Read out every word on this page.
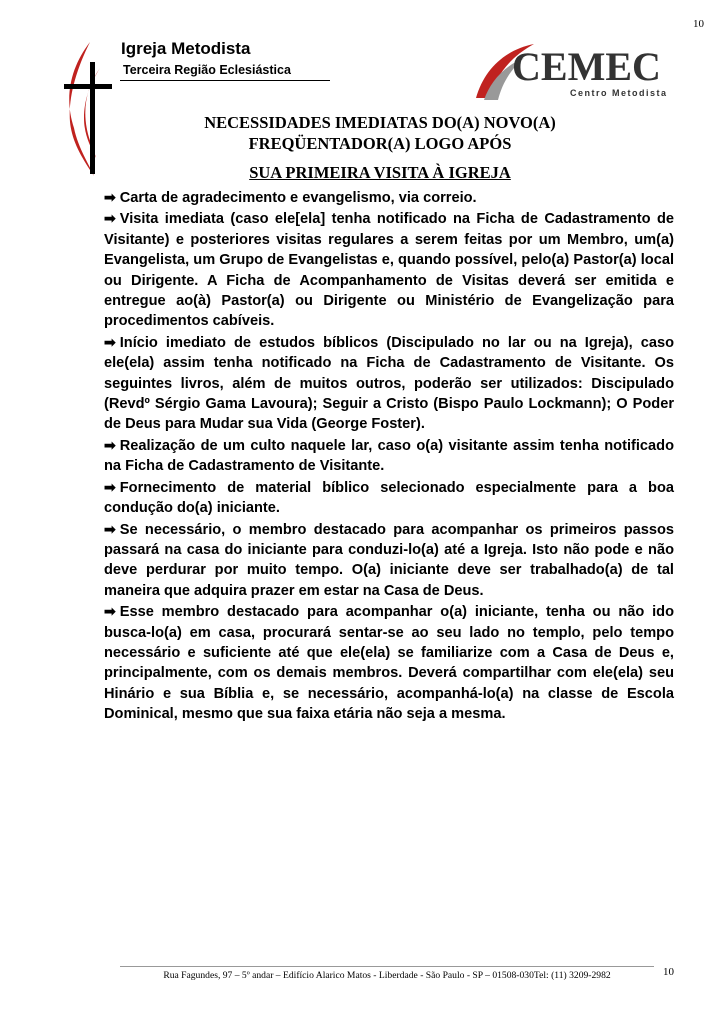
10
Igreja Metodista
Terceira Região Eclesiástica	CEMEC
Centro Metodista
NECESSIDADES IMEDIATAS DO(A) NOVO(A)
FREQÜENTADOR(A) LOGO APÓS
SUA PRIMEIRA VISITA À IGREJA

➡ Carta de agradecimento e evangelismo, via correio.

➡ Visita imediata (caso ele[ela] tenha notificado na Ficha de Cadastramento de Visitante) e posteriores visitas regulares a serem feitas por um Membro, um(a) Evangelista, um Grupo de Evangelistas e, quando possível, pelo(a) Pastor(a) local ou Dirigente. A Ficha de Acompanhamento de Visitas deverá ser emitida e entregue ao(à) Pastor(a) ou Dirigente ou Ministério de Evangelização para procedimentos cabíveis.

➡ Início imediato de estudos bíblicos (Discipulado no lar ou na Igreja), caso ele(ela) assim tenha notificado na Ficha de Cadastramento de Visitante. Os seguintes livros, além de muitos outros, poderão ser utilizados: Discipulado (Revdº Sérgio Gama Lavoura); Seguir a Cristo (Bispo Paulo Lockmann); O Poder de Deus para Mudar sua Vida (George Foster).

➡ Realização de um culto naquele lar, caso o(a) visitante assim tenha notificado na Ficha de Cadastramento de Visitante.

➡ Fornecimento de material bíblico selecionado especialmente para a boa condução do(a) iniciante.

➡ Se necessário, o membro destacado para acompanhar os primeiros passos passará na casa do iniciante para conduzi-lo(a) até a Igreja. Isto não pode e não deve perdurar por muito tempo. O(a) iniciante deve ser trabalhado(a) de tal maneira que adquira prazer em estar na Casa de Deus.

➡ Esse membro destacado para acompanhar o(a) iniciante, tenha ou não ido busca-lo(a) em casa, procurará sentar-se ao seu lado no templo, pelo tempo necessário e suficiente até que ele(ela) se familiarize com a Casa de Deus e, principalmente, com os demais membros. Deverá compartilhar com ele(ela) seu Hinário e sua Bíblia e, se necessário, acompanhá-lo(a) na classe de Escola Dominical, mesmo que sua faixa etária não seja a mesma.

10
Rua Fagundes, 97 – 5º andar – Edifício Alarico Matos - Liberdade - São Paulo - SP – 01508-030Tel: (11) 3209-2982
